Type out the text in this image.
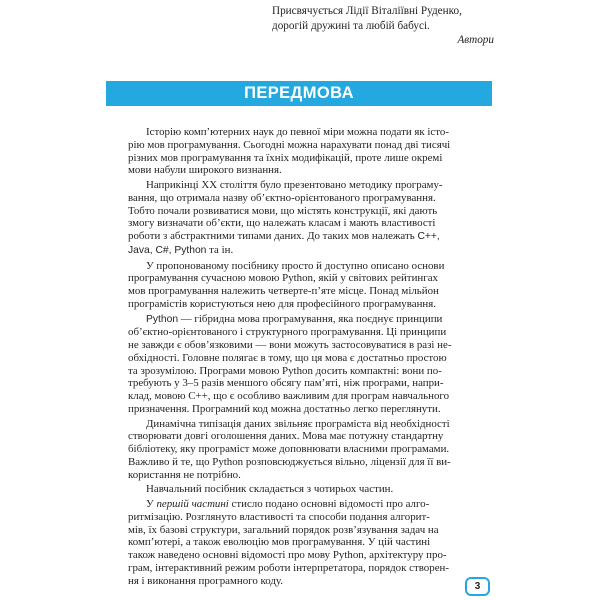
Присвячується Лідії Віталіївні Руденко,
дорогій дружині та любій бабусі.
Автори
ПЕРЕДМОВА
Історію комп’ютерних наук до певної міри можна подати як істо-
рію мов програмування. Сьогодні можна нарахувати понад дві тисячі
різних мов програмування та їхніх модифікацій, проте лише окремі
мови набули широкого визнання.
Наприкінці XX століття було презентовано методику програму-
вання, що отримала назву об’єктно-орієнтованого програмування.
Тобто почали розвиватися мови, що містять конструкції, які дають
змогу визначати об’єкти, що належать класам і мають властивості
роботи з абстрактними типами даних. До таких мов належать C++,
Java, C#, Python та ін.
У пропонованому посібнику просто й доступно описано основи
програмування сучасною мовою Python, якій у світових рейтингах
мов програмування належить четверте-п’яте місце. Понад мільйон
програмістів користуються нею для професійного програмування.
Python — гібридна мова програмування, яка поєднує принципи
об’єктно-орієнтованого і структурного програмування. Ці принципи
не завжди є обов’язковими — вони можуть застосовуватися в разі не-
обхідності. Головне полягає в тому, що ця мова є достатньо простою
та зрозумілою. Програми мовою Python досить компактні: вони по-
требують у 3–5 разів меншого обсягу пам’яті, ніж програми, напри-
клад, мовою C++, що є особливо важливим для програм навчального
призначення. Програмний код можна достатньо легко переглянути.
Динамічна типізація даних звільняє програміста від необхідності
створювати довгі оголошення даних. Мова має потужну стандартну
бібліотеку, яку програміст може доповнювати власними програмами.
Важливо й те, що Python розповсюджується вільно, ліцензії для її ви-
користання не потрібно.
Навчальний посібник складається з чотирьох частин.
У першій частині стисло подано основні відомості про алго-
ритмізацію. Розглянуто властивості та способи подання алгорит-
мів, їх базові структури, загальний порядок розв’язування задач на
комп’ютері, а також еволюцію мов програмування. У цій частині
також наведено основні відомості про мову Python, архітектуру про-
грам, інтерактивний режим роботи інтерпретатора, порядок створен-
ня і виконання програмного коду.	3
